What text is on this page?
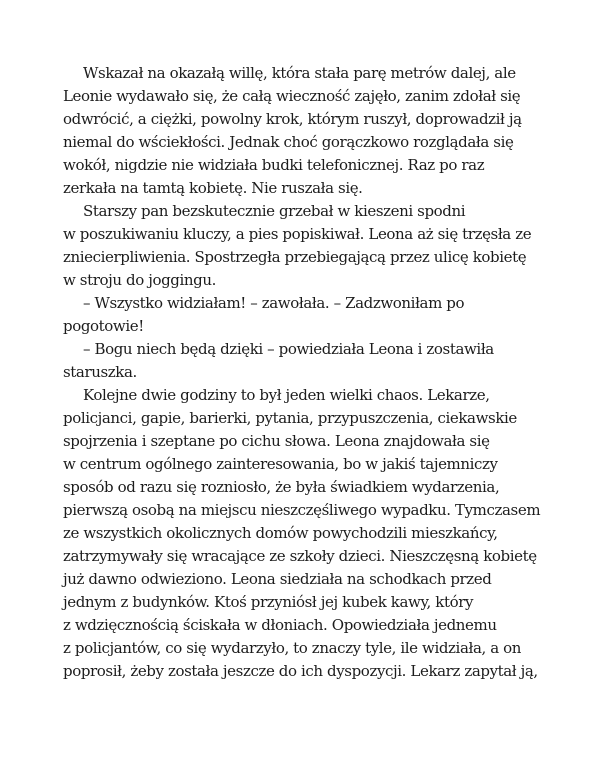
Wskazał na okazałą willę, która stała parę metrów dalej, ale
Leonie wydawało się, że całą wieczność zajęło, zanim zdołał się
odwrócić, a ciężki, powolny krok, którym ruszył, doprowadził ją
niemal do wściekłości. Jednak choć gorączkowo rozglądała się
wokół, nigdzie nie widziała budki telefonicznej. Raz po raz
zerkała na tamtą kobietę. Nie ruszała się.
Starszy pan bezskutecznie grzebał w kieszeni spodni
w poszukiwaniu kluczy, a pies popiskiwał. Leona aż się trzęsła ze
zniecierpliwienia. Spostrzegła przebiegającą przez ulicę kobietę
w stroju do joggingu.
– Wszystko widziałam! – zawołała. – Zadzwoniłam po
pogotowie!
– Bogu niech będą dzięki – powiedziała Leona i zostawiła
staruszka.
Kolejne dwie godziny to był jeden wielki chaos. Lekarze,
policjanci, gapie, barierki, pytania, przypuszczenia, ciekawskie
spojrzenia i szeptane po cichu słowa. Leona znajdowała się
w centrum ogólnego zainteresowania, bo w jakiś tajemniczy
sposób od razu się rozniosło, że była świadkiem wydarzenia,
pierwszą osobą na miejscu nieszczęśliwego wypadku. Tymczasem
ze wszystkich okolicznych domów powychodzili mieszkańcy,
zatrzymywały się wracające ze szkoły dzieci. Nieszczęsną kobietę
już dawno odwieziono. Leona siedziała na schodkach przed
jednym z budynków. Ktoś przyniósł jej kubek kawy, który
z wdzięcznością ściskała w dłoniach. Opowiedziała jednemu
z policjantów, co się wydarzyło, to znaczy tyle, ile widziała, a on
poprosił, żeby została jeszcze do ich dyspozycji. Lekarz zapytał ją,
